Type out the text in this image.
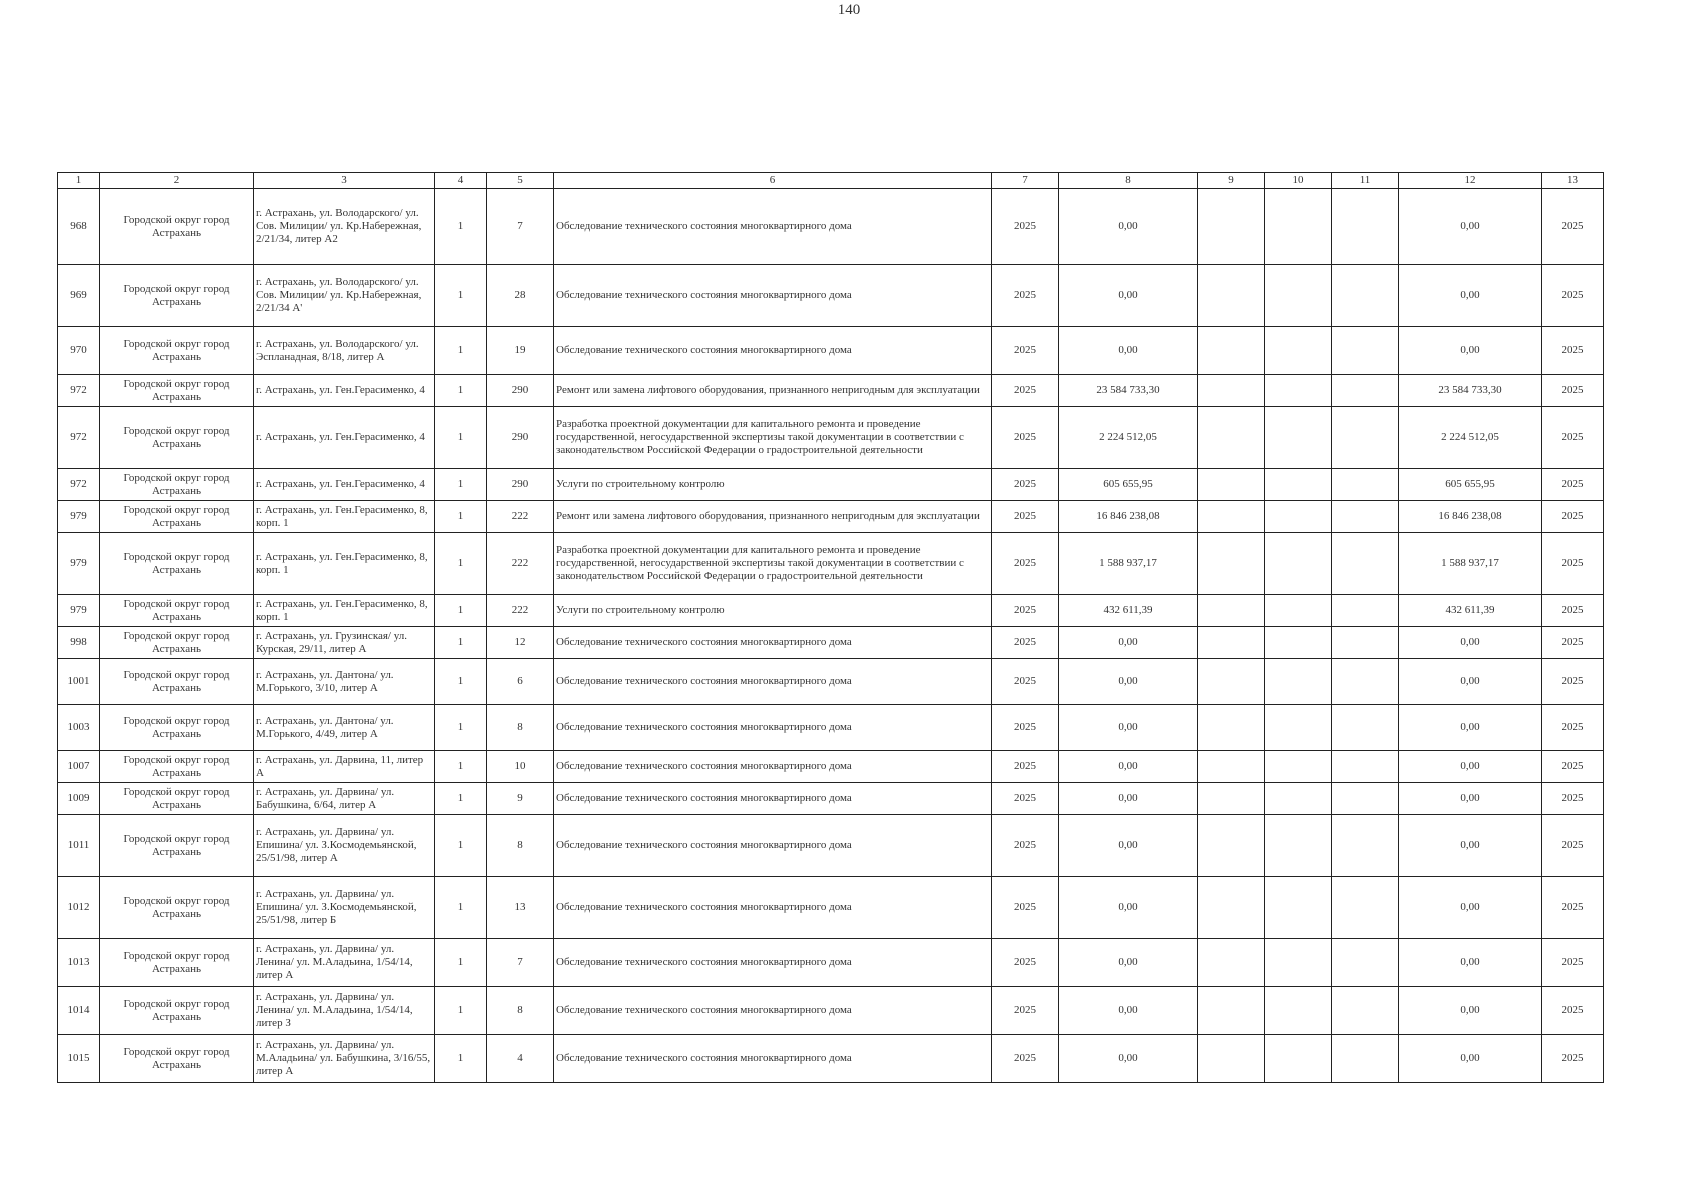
140
1	2	3	4	5	6	7	8	9	10	11	12	13
968	Городской округ город Астрахань	г. Астрахань, ул. Володарского/ ул. Сов. Милиции/ ул. Кр.Набережная, 2/21/34, литер А2	1	7	Обследование технического состояния многоквартирного дома	2025	0,00				0,00	2025
969	Городской округ город Астрахань	г. Астрахань, ул. Володарского/ ул. Сов. Милиции/ ул. Кр.Набережная, 2/21/34 А'	1	28	Обследование технического состояния многоквартирного дома	2025	0,00				0,00	2025
970	Городской округ город Астрахань	г. Астрахань, ул. Володарского/ ул. Эспланадная, 8/18, литер А	1	19	Обследование технического состояния многоквартирного дома	2025	0,00				0,00	2025
972	Городской округ город Астрахань	г. Астрахань, ул. Ген.Герасименко, 4	1	290	Ремонт или замена лифтового оборудования, признанного непригодным для эксплуатации	2025	23 584 733,30				23 584 733,30	2025
972	Городской округ город Астрахань	г. Астрахань, ул. Ген.Герасименко, 4	1	290	Разработка проектной документации для капитального ремонта и проведение государственной, негосударственной экспертизы такой документации в соответствии с законодательством Российской Федерации о градостроительной деятельности	2025	2 224 512,05				2 224 512,05	2025
972	Городской округ город Астрахань	г. Астрахань, ул. Ген.Герасименко, 4	1	290	Услуги по строительному контролю	2025	605 655,95				605 655,95	2025
979	Городской округ город Астрахань	г. Астрахань, ул. Ген.Герасименко, 8, корп. 1	1	222	Ремонт или замена лифтового оборудования, признанного непригодным для эксплуатации	2025	16 846 238,08				16 846 238,08	2025
979	Городской округ город Астрахань	г. Астрахань, ул. Ген.Герасименко, 8, корп. 1	1	222	Разработка проектной документации для капитального ремонта и проведение государственной, негосударственной экспертизы такой документации в соответствии с законодательством Российской Федерации о градостроительной деятельности	2025	1 588 937,17				1 588 937,17	2025
979	Городской округ город Астрахань	г. Астрахань, ул. Ген.Герасименко, 8, корп. 1	1	222	Услуги по строительному контролю	2025	432 611,39				432 611,39	2025
998	Городской округ город Астрахань	г. Астрахань, ул. Грузинская/ ул. Курская, 29/11, литер А	1	12	Обследование технического состояния многоквартирного дома	2025	0,00				0,00	2025
1001	Городской округ город Астрахань	г. Астрахань, ул. Дантона/ ул. М.Горького, 3/10, литер А	1	6	Обследование технического состояния многоквартирного дома	2025	0,00				0,00	2025
1003	Городской округ город Астрахань	г. Астрахань, ул. Дантона/ ул. М.Горького, 4/49, литер А	1	8	Обследование технического состояния многоквартирного дома	2025	0,00				0,00	2025
1007	Городской округ город Астрахань	г. Астрахань, ул. Дарвина, 11, литер А	1	10	Обследование технического состояния многоквартирного дома	2025	0,00				0,00	2025
1009	Городской округ город Астрахань	г. Астрахань, ул. Дарвина/ ул. Бабушкина, 6/64, литер А	1	9	Обследование технического состояния многоквартирного дома	2025	0,00				0,00	2025
1011	Городской округ город Астрахань	г. Астрахань, ул. Дарвина/ ул. Епишина/ ул. З.Космодемьянской, 25/51/98, литер А	1	8	Обследование технического состояния многоквартирного дома	2025	0,00				0,00	2025
1012	Городской округ город Астрахань	г. Астрахань, ул. Дарвина/ ул. Епишина/ ул. З.Космодемьянской, 25/51/98, литер Б	1	13	Обследование технического состояния многоквартирного дома	2025	0,00				0,00	2025
1013	Городской округ город Астрахань	г. Астрахань, ул. Дарвина/ ул. Ленина/ ул. М.Аладьина, 1/54/14, литер А	1	7	Обследование технического состояния многоквартирного дома	2025	0,00				0,00	2025
1014	Городской округ город Астрахань	г. Астрахань, ул. Дарвина/ ул. Ленина/ ул. М.Аладьина, 1/54/14, литер З	1	8	Обследование технического состояния многоквартирного дома	2025	0,00				0,00	2025
1015	Городской округ город Астрахань	г. Астрахань, ул. Дарвина/ ул. М.Аладьина/ ул. Бабушкина, 3/16/55, литер А	1	4	Обследование технического состояния многоквартирного дома	2025	0,00				0,00	2025
